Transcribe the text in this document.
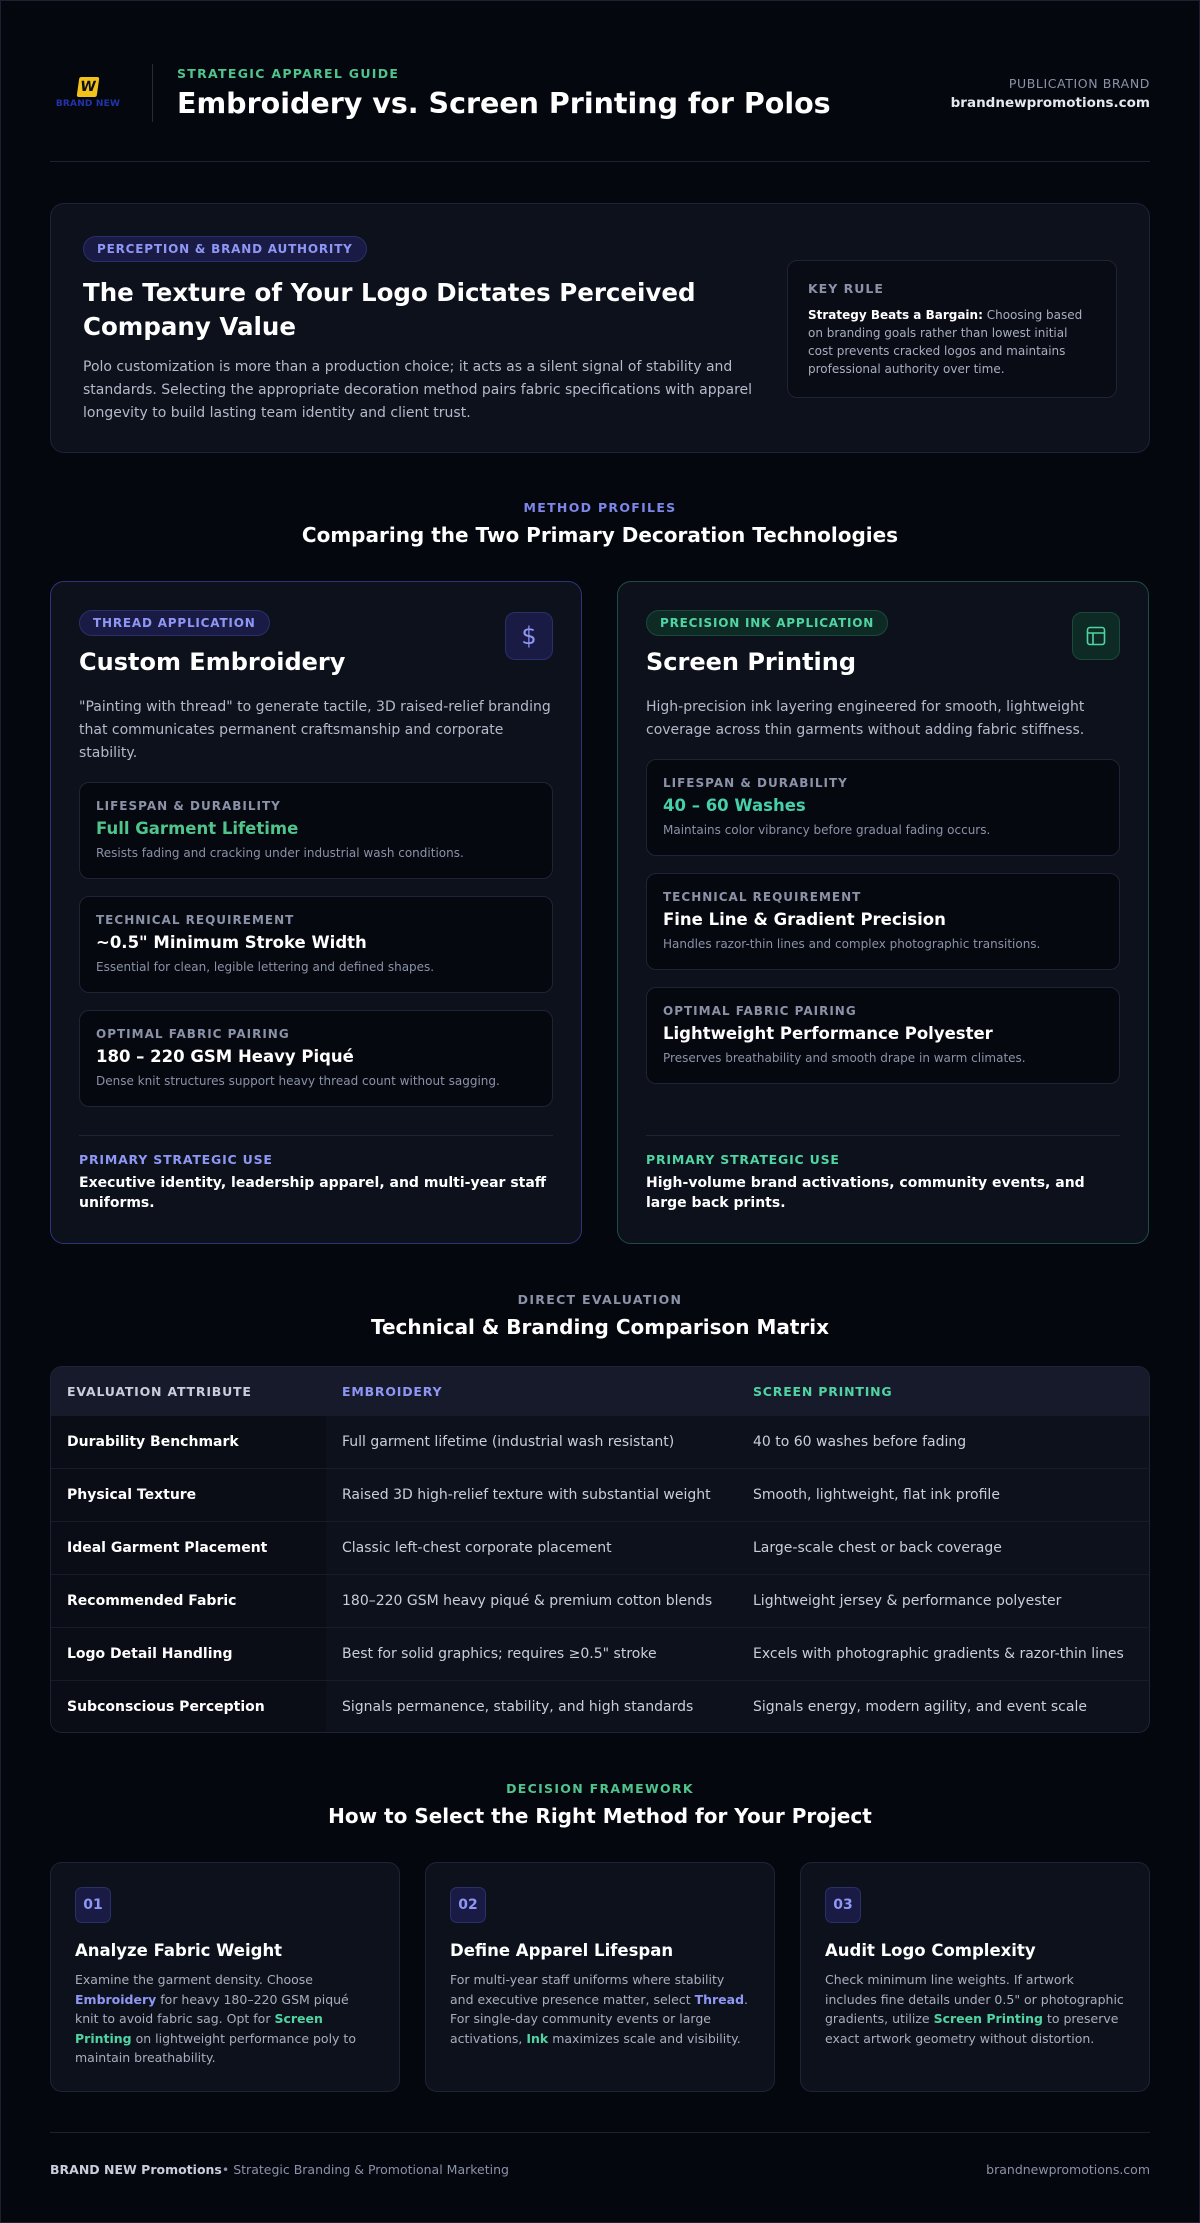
W
BRAND NEW
STRATEGIC APPAREL GUIDE
Embroidery vs. Screen Printing for Polos
PUBLICATION BRAND
brandnewpromotions.com
PERCEPTION & BRAND AUTHORITY
The Texture of Your Logo Dictates Perceived Company Value
Polo customization is more than a production choice; it acts as a silent signal of stability and standards. Selecting the appropriate decoration method pairs fabric specifications with apparel longevity to build lasting team identity and client trust.
KEY RULE
Strategy Beats a Bargain: Choosing based on branding goals rather than lowest initial cost prevents cracked logos and maintains professional authority over time.
METHOD PROFILES
Comparing the Two Primary Decoration Technologies
THREAD APPLICATION	$
Custom Embroidery
"Painting with thread" to generate tactile, 3D raised-relief branding that communicates permanent craftsmanship and corporate stability.
LIFESPAN & DURABILITY
Full Garment Lifetime
Resists fading and cracking under industrial wash conditions.
TECHNICAL REQUIREMENT
~0.5" Minimum Stroke Width
Essential for clean, legible lettering and defined shapes.
OPTIMAL FABRIC PAIRING
180 – 220 GSM Heavy Piqué
Dense knit structures support heavy thread count without sagging.
PRIMARY STRATEGIC USE
Executive identity, leadership apparel, and multi-year staff uniforms.
PRECISION INK APPLICATION
Screen Printing
High-precision ink layering engineered for smooth, lightweight coverage across thin garments without adding fabric stiffness.
LIFESPAN & DURABILITY
40 – 60 Washes
Maintains color vibrancy before gradual fading occurs.
TECHNICAL REQUIREMENT
Fine Line & Gradient Precision
Handles razor-thin lines and complex photographic transitions.
OPTIMAL FABRIC PAIRING
Lightweight Performance Polyester
Preserves breathability and smooth drape in warm climates.
PRIMARY STRATEGIC USE
High-volume brand activations, community events, and large back prints.
DIRECT EVALUATION
Technical & Branding Comparison Matrix
EVALUATION ATTRIBUTE	EMBROIDERY	SCREEN PRINTING
Durability Benchmark	Full garment lifetime (industrial wash resistant)	40 to 60 washes before fading
Physical Texture	Raised 3D high-relief texture with substantial weight	Smooth, lightweight, flat ink profile
Ideal Garment Placement	Classic left-chest corporate placement	Large-scale chest or back coverage
Recommended Fabric	180–220 GSM heavy piqué & premium cotton blends	Lightweight jersey & performance polyester
Logo Detail Handling	Best for solid graphics; requires ≥0.5" stroke	Excels with photographic gradients & razor-thin lines
Subconscious Perception	Signals permanence, stability, and high standards	Signals energy, modern agility, and event scale
DECISION FRAMEWORK
How to Select the Right Method for Your Project
01
Analyze Fabric Weight
Examine the garment density. Choose Embroidery for heavy 180–220 GSM piqué knit to avoid fabric sag. Opt for Screen Printing on lightweight performance poly to maintain breathability.
02
Define Apparel Lifespan
For multi-year staff uniforms where stability and executive presence matter, select Thread. For single-day community events or large activations, Ink maximizes scale and visibility.
03
Audit Logo Complexity
Check minimum line weights. If artwork includes fine details under 0.5" or photographic gradients, utilize Screen Printing to preserve exact artwork geometry without distortion.
BRAND NEW Promotions • Strategic Branding & Promotional Marketing	brandnewpromotions.com
